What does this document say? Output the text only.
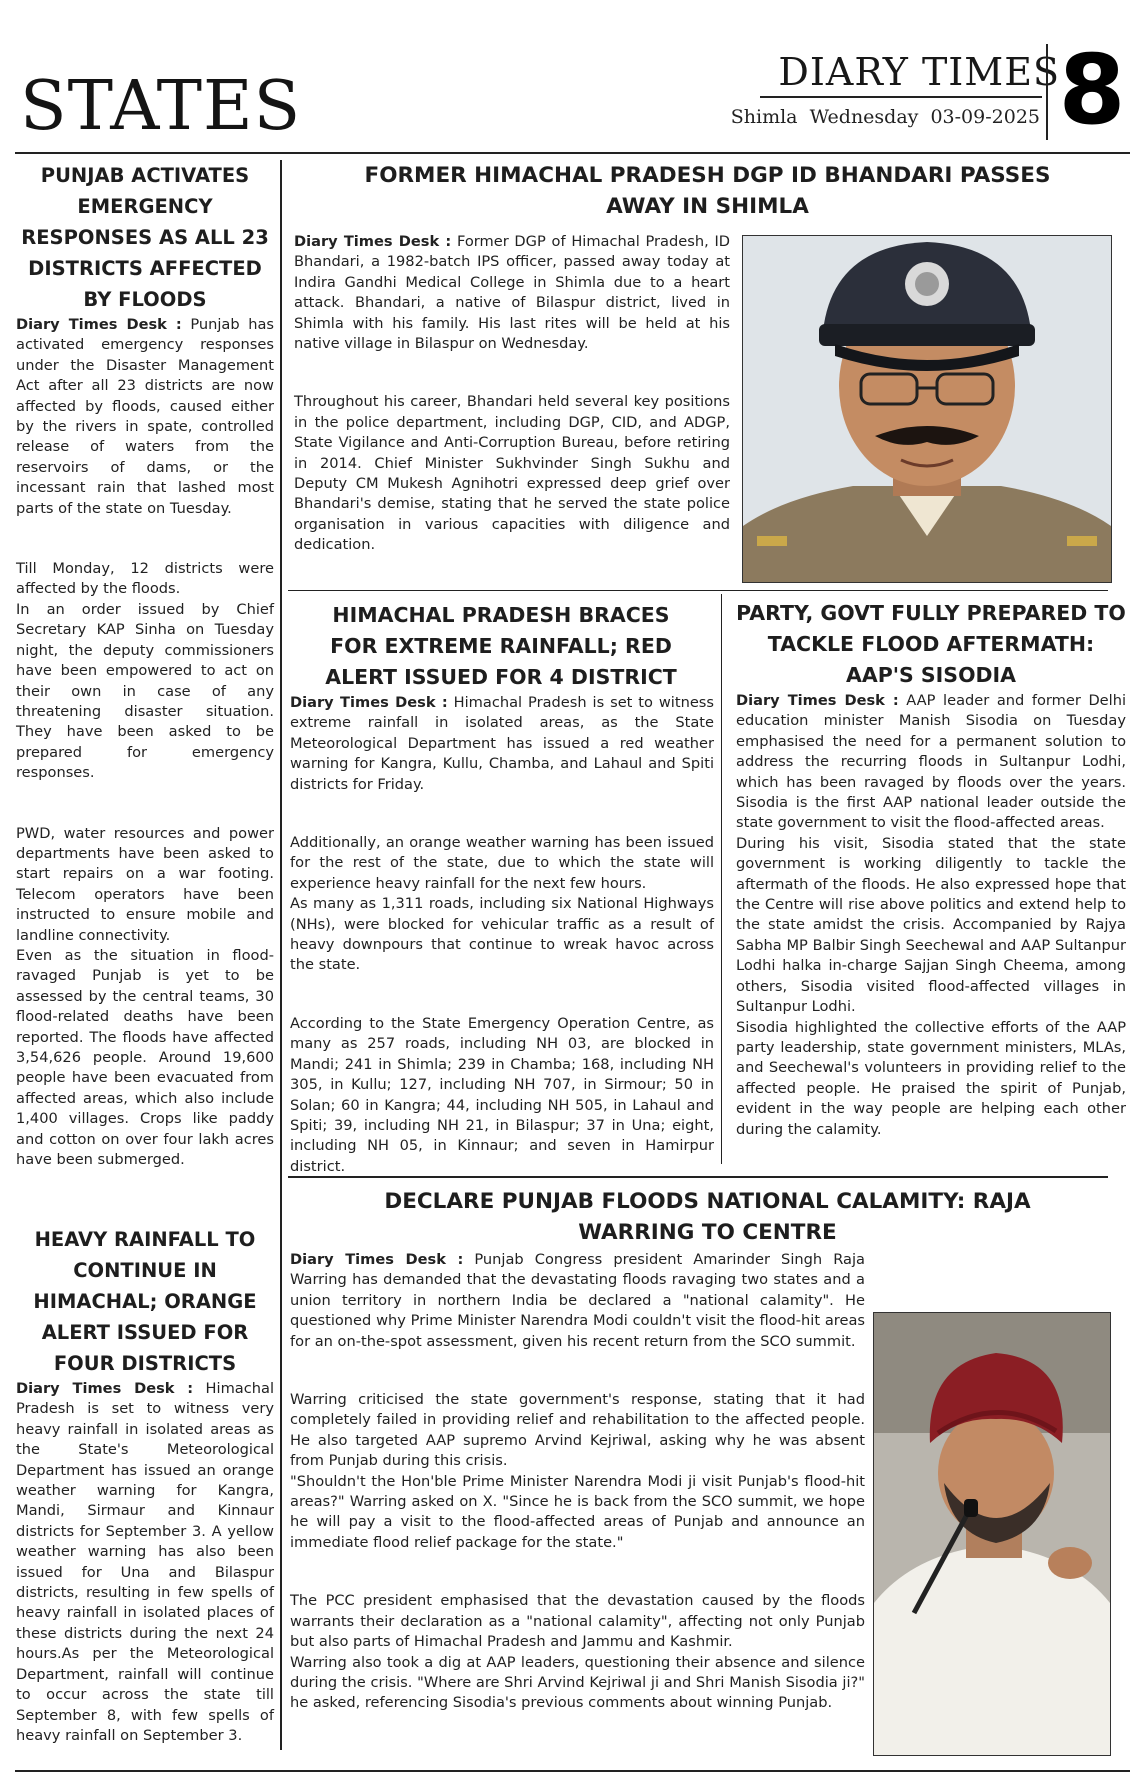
STATES	DIARY TIMES
Shimla Wednesday 03-09-2025 8
PUNJAB ACTIVATES EMERGENCY RESPONSES AS ALL 23 DISTRICTS AFFECTED BY FLOODS

Diary Times Desk : Punjab has activated emergency responses under the Disaster Management Act after all 23 districts are now affected by floods, caused either by the rivers in spate, controlled release of waters from the reservoirs of dams, or the incessant rain that lashed most parts of the state on Tuesday.

Till Monday, 12 districts were affected by the floods.

In an order issued by Chief Secretary KAP Sinha on Tuesday night, the deputy commissioners have been empowered to act on their own in case of any threatening disaster situation. They have been asked to be prepared for emergency responses.

PWD, water resources and power departments have been asked to start repairs on a war footing. Telecom operators have been instructed to ensure mobile and landline connectivity.

Even as the situation in flood-ravaged Punjab is yet to be assessed by the central teams, 30 flood-related deaths have been reported. The floods have affected 3,54,626 people. Around 19,600 people have been evacuated from affected areas, which also include 1,400 villages. Crops like paddy and cotton on over four lakh acres have been submerged.

HEAVY RAINFALL TO CONTINUE IN HIMACHAL; ORANGE ALERT ISSUED FOR FOUR DISTRICTS

Diary Times Desk : Himachal Pradesh is set to witness very heavy rainfall in isolated areas as the State's Meteorological Department has issued an orange weather warning for Kangra, Mandi, Sirmaur and Kinnaur districts for September 3. A yellow weather warning has also been issued for Una and Bilaspur districts, resulting in few spells of heavy rainfall in isolated places of these districts during the next 24 hours.As per the Meteorological Department, rainfall will continue to occur across the state till September 8, with few spells of heavy rainfall on September 3.

FORMER HIMACHAL PRADESH DGP ID BHANDARI PASSES AWAY IN SHIMLA

Diary Times Desk : Former DGP of Himachal Pradesh, ID Bhandari, a 1982-batch IPS officer, passed away today at Indira Gandhi Medical College in Shimla due to a heart attack. Bhandari, a native of Bilaspur district, lived in Shimla with his family. His last rites will be held at his native village in Bilaspur on Wednesday.

Throughout his career, Bhandari held several key positions in the police department, including DGP, CID, and ADGP, State Vigilance and Anti-Corruption Bureau, before retiring in 2014. Chief Minister Sukhvinder Singh Sukhu and Deputy CM Mukesh Agnihotri expressed deep grief over Bhandari's demise, stating that he served the state police organisation in various capacities with diligence and dedication.

HIMACHAL PRADESH BRACES FOR EXTREME RAINFALL; RED ALERT ISSUED FOR 4 DISTRICT

Diary Times Desk : Himachal Pradesh is set to witness extreme rainfall in isolated areas, as the State Meteorological Department has issued a red weather warning for Kangra, Kullu, Chamba, and Lahaul and Spiti districts for Friday.

Additionally, an orange weather warning has been issued for the rest of the state, due to which the state will experience heavy rainfall for the next few hours.

As many as 1,311 roads, including six National Highways (NHs), were blocked for vehicular traffic as a result of heavy downpours that continue to wreak havoc across the state.

According to the State Emergency Operation Centre, as many as 257 roads, including NH 03, are blocked in Mandi; 241 in Shimla; 239 in Chamba; 168, including NH 305, in Kullu; 127, including NH 707, in Sirmour; 50 in Solan; 60 in Kangra; 44, including NH 505, in Lahaul and Spiti; 39, including NH 21, in Bilaspur; 37 in Una; eight, including NH 05, in Kinnaur; and seven in Hamirpur district.

PARTY, GOVT FULLY PREPARED TO TACKLE FLOOD AFTERMATH: AAP'S SISODIA

Diary Times Desk : AAP leader and former Delhi education minister Manish Sisodia on Tuesday emphasised the need for a permanent solution to address the recurring floods in Sultanpur Lodhi, which has been ravaged by floods over the years. Sisodia is the first AAP national leader outside the state government to visit the flood-affected areas.

During his visit, Sisodia stated that the state government is working diligently to tackle the aftermath of the floods. He also expressed hope that the Centre will rise above politics and extend help to the state amidst the crisis. Accompanied by Rajya Sabha MP Balbir Singh Seechewal and AAP Sultanpur Lodhi halka in-charge Sajjan Singh Cheema, among others, Sisodia visited flood-affected villages in Sultanpur Lodhi.

Sisodia highlighted the collective efforts of the AAP party leadership, state government ministers, MLAs, and Seechewal's volunteers in providing relief to the affected people. He praised the spirit of Punjab, evident in the way people are helping each other during the calamity.

DECLARE PUNJAB FLOODS NATIONAL CALAMITY: RAJA WARRING TO CENTRE

Diary Times Desk : Punjab Congress president Amarinder Singh Raja Warring has demanded that the devastating floods ravaging two states and a union territory in northern India be declared a "national calamity". He questioned why Prime Minister Narendra Modi couldn't visit the flood-hit areas for an on-the-spot assessment, given his recent return from the SCO summit.

Warring criticised the state government's response, stating that it had completely failed in providing relief and rehabilitation to the affected people. He also targeted AAP supremo Arvind Kejriwal, asking why he was absent from Punjab during this crisis.

"Shouldn't the Hon'ble Prime Minister Narendra Modi ji visit Punjab's flood-hit areas?" Warring asked on X. "Since he is back from the SCO summit, we hope he will pay a visit to the flood-affected areas of Punjab and announce an immediate flood relief package for the state."

The PCC president emphasised that the devastation caused by the floods warrants their declaration as a "national calamity", affecting not only Punjab but also parts of Himachal Pradesh and Jammu and Kashmir.

Warring also took a dig at AAP leaders, questioning their absence and silence during the crisis. "Where are Shri Arvind Kejriwal ji and Shri Manish Sisodia ji?" he asked, referencing Sisodia's previous comments about winning Punjab.
